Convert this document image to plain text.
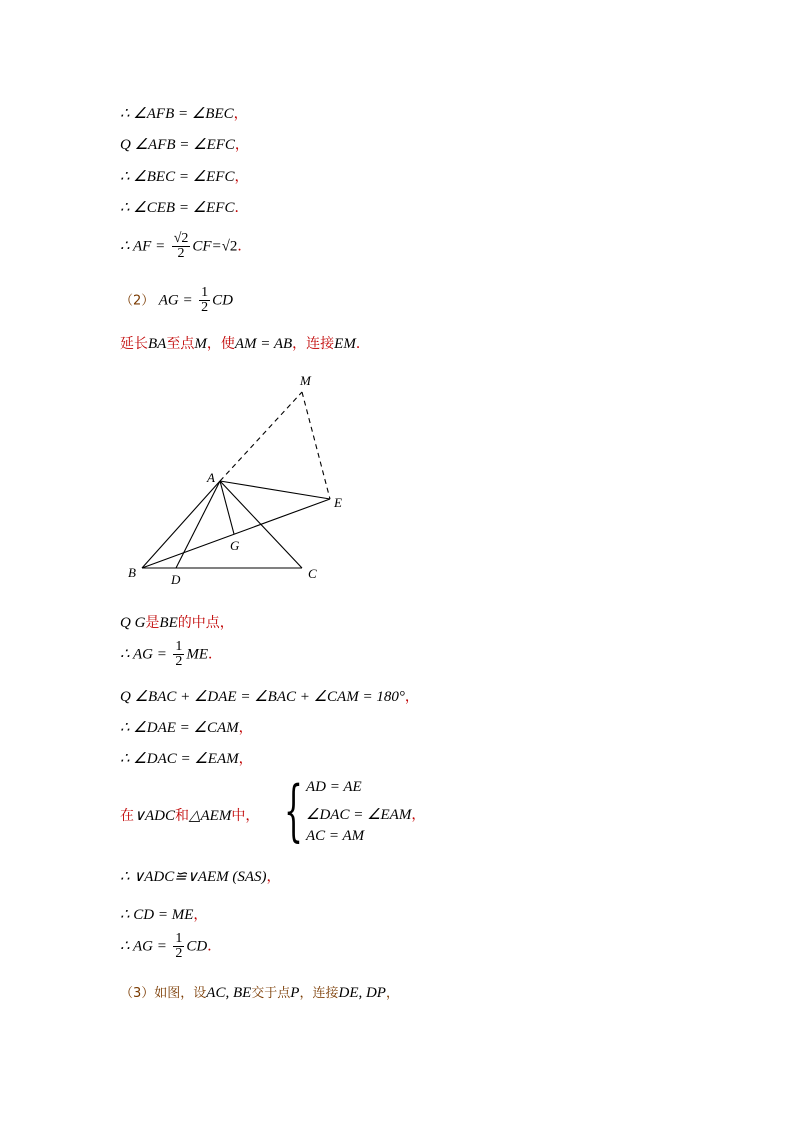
∴ ∠AFB = ∠BEC，
Q ∠AFB = ∠EFC，
∴ ∠BEC = ∠EFC，
∴ ∠CEB = ∠EFC．
∴ AF = $\frac{√2}{2} CF=√2$．
（2） AG = $\frac{1}{2}$ CD
延长BA至点M，使AM = AB，连接EM．
M
A
E
G
B	D	C
Q G是BE的中点，
∴ AG = $\frac{1}{2}$ ME．
Q ∠BAC + ∠DAE = ∠BAC + ∠CAM = 180°，
∴ ∠DAE = ∠CAM，
∴ ∠DAC = ∠EAM，
在∨ADC和△AEM中， { AD = AE
∠DAC = ∠EAM，
AC = AM
∴ ∨ADC≌∨AEM (SAS)，
∴ CD = ME，
∴ AG = $\frac{1}{2}$ CD．
（3）如图，设AC, BE交于点P，连接DE, DP，
